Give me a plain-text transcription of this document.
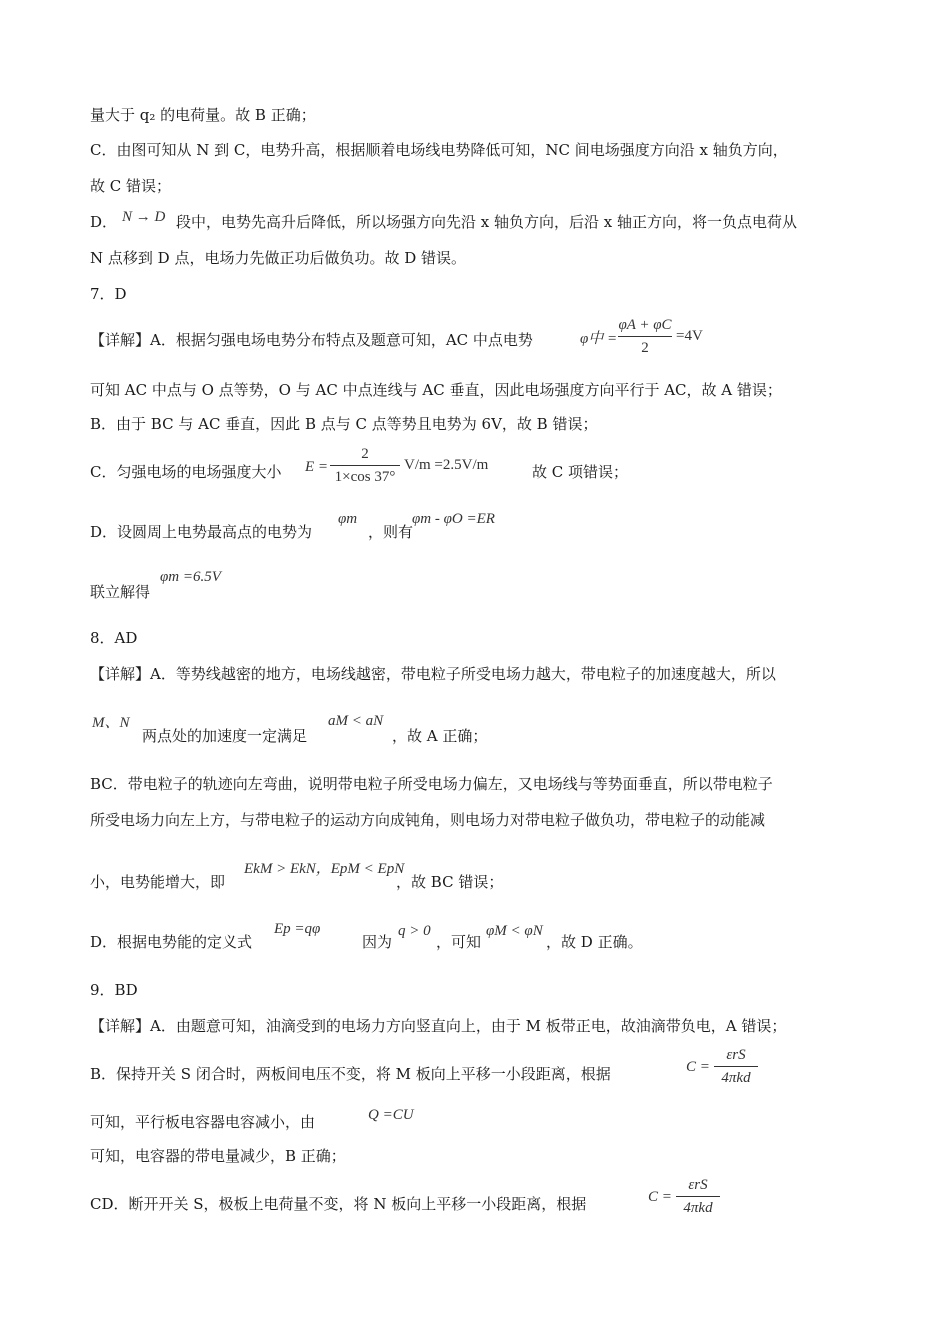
量大于 q₂ 的电荷量。故 B 正确；
C．由图可知从 N 到 C，电势升高，根据顺着电场线电势降低可知，NC 间电场强度方向沿 x 轴负方向，
故 C 错误；
D． N → D 段中，电势先高升后降低，所以场强方向先沿 x 轴负方向，后沿 x 轴正方向，将一负点电荷从
N 点移到 D 点，电场力先做正功后做负功。故 D 错误。
7．D
【详解】A．根据匀强电场电势分布特点及题意可知，AC 中点电势	φ中 =
φA + φC
2
=4V
可知 AC 中点与 O 点等势，O 与 AC 中点连线与 AC 垂直，因此电场强度方向平行于 AC，故 A 错误；
B．由于 BC 与 AC 垂直，因此 B 点与 C 点等势且电势为 6V，故 B 错误；
C．匀强电场的电场强度大小 E =
2
1×cos 37°
V/m =2.5V/m	故 C 项错误；
D．设圆周上电势最高点的电势为
φm
，则有
φm - φO =ER
联立解得
φm =6.5V
8．AD
【详解】A．等势线越密的地方，电场线越密，带电粒子所受电场力越大，带电粒子的加速度越大，所以
M、N
两点处的加速度一定满足
aM < aN
，故 A 正确；
BC．带电粒子的轨迹向左弯曲，说明带电粒子所受电场力偏左，又电场线与等势面垂直，所以带电粒子
所受电场力向左上方，与带电粒子的运动方向成钝角，则电场力对带电粒子做负功，带电粒子的动能减
小，电势能增大，即
EkM > EkN，EpM < EpN
，故 BC 错误；
D．根据电势能的定义式
Ep =qφ
因为
q > 0
，可知
φM < φN
，故 D 正确。
9．BD
【详解】A．由题意可知，油滴受到的电场力方向竖直向上，由于 M 板带正电，故油滴带负电，A 错误；
B．保持开关 S 闭合时，两板间电压不变，将 M 板向上平移一小段距离，根据	C =
εrS
4πkd
可知，平行板电容器电容减小，由	Q =CU
可知，电容器的带电量减少，B 正确；
CD．断开开关 S，极板上电荷量不变，将 N 板向上平移一小段距离，根据	C =
εrS
4πkd
